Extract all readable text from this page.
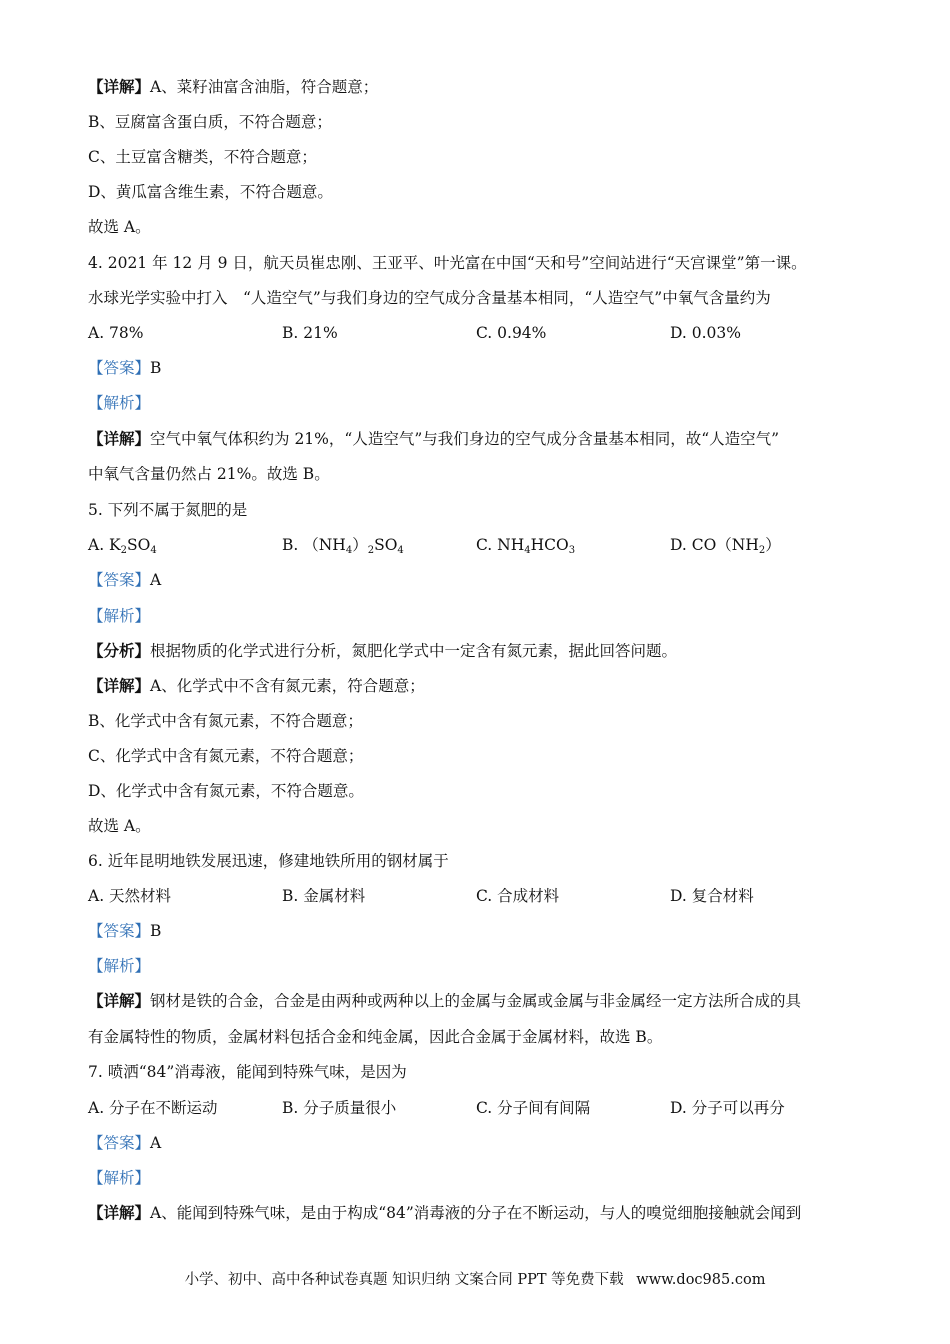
【详解】A、菜籽油富含油脂，符合题意；
B、豆腐富含蛋白质，不符合题意；
C、土豆富含糖类，不符合题意；
D、黄瓜富含维生素，不符合题意。
故选 A。
4. 2021 年 12 月 9 日，航天员崔忠刚、王亚平、叶光富在中国“天和号”空间站进行“天宫课堂”第一课。
水球光学实验中打入　“人造空气”与我们身边的空气成分含量基本相同，“人造空气”中氧气含量约为
A. 78%	B. 21%	C. 0.94%	D. 0.03%
【答案】B
【解析】
【详解】空气中氧气体积约为 21%，“人造空气”与我们身边的空气成分含量基本相同，故“人造空气”
中氧气含量仍然占 21%。故选 B。
5. 下列不属于氮肥的是
A. $K_2SO_4$	B. $(NH_4)_2SO_4$	C. $NH_4HCO_3$	D. $CO(NH_2)$
【答案】A
【解析】
【分析】根据物质的化学式进行分析，氮肥化学式中一定含有氮元素，据此回答问题。
【详解】A、化学式中不含有氮元素，符合题意；
B、化学式中含有氮元素，不符合题意；
C、化学式中含有氮元素，不符合题意；
D、化学式中含有氮元素，不符合题意。
故选 A。
6. 近年昆明地铁发展迅速，修建地铁所用的钢材属于
A. 天然材料	B. 金属材料	C. 合成材料	D. 复合材料
【答案】B
【解析】
【详解】钢材是铁的合金，合金是由两种或两种以上的金属与金属或金属与非金属经一定方法所合成的具
有金属特性的物质，金属材料包括合金和纯金属，因此合金属于金属材料，故选 B。
7. 喷洒“84”消毒液，能闻到特殊气味，是因为
A. 分子在不断运动	B. 分子质量很小	C. 分子间有间隔	D. 分子可以再分
【答案】A
【解析】
【详解】A、能闻到特殊气味，是由于构成“84”消毒液的分子在不断运动，与人的嗅觉细胞接触就会闻到
小学、初中、高中各种试卷真题 知识归纳 文案合同 PPT 等免费下载 www.doc985.com
